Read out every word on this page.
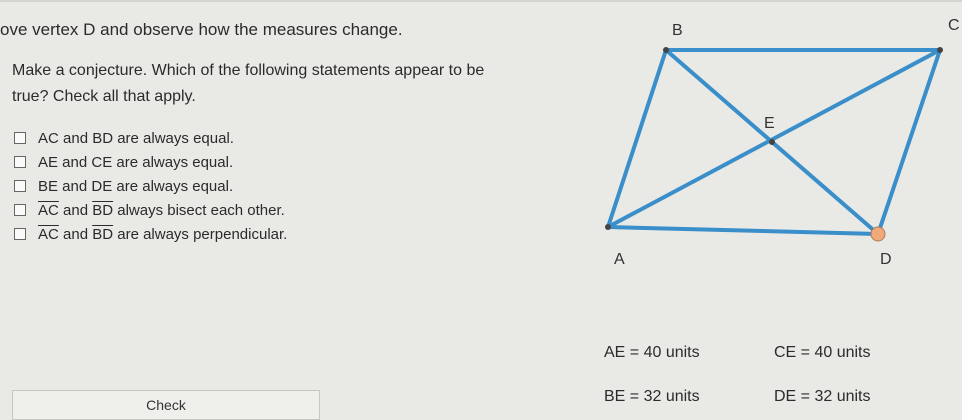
ove vertex D and observe how the measures change.
Make a conjecture. Which of the following statements appear to be true? Check all that apply.
AC and BD are always equal.
AE and CE are always equal.
BE and DE are always equal.
$\overline{AC}$ and $\overline{BD}$ always bisect each other.
$\overline{AC}$ and $\overline{BD}$ are always perpendicular.
A
B	C
D
E
AE = 40 units	CE = 40 units
BE = 32 units	DE = 32 units
Check
